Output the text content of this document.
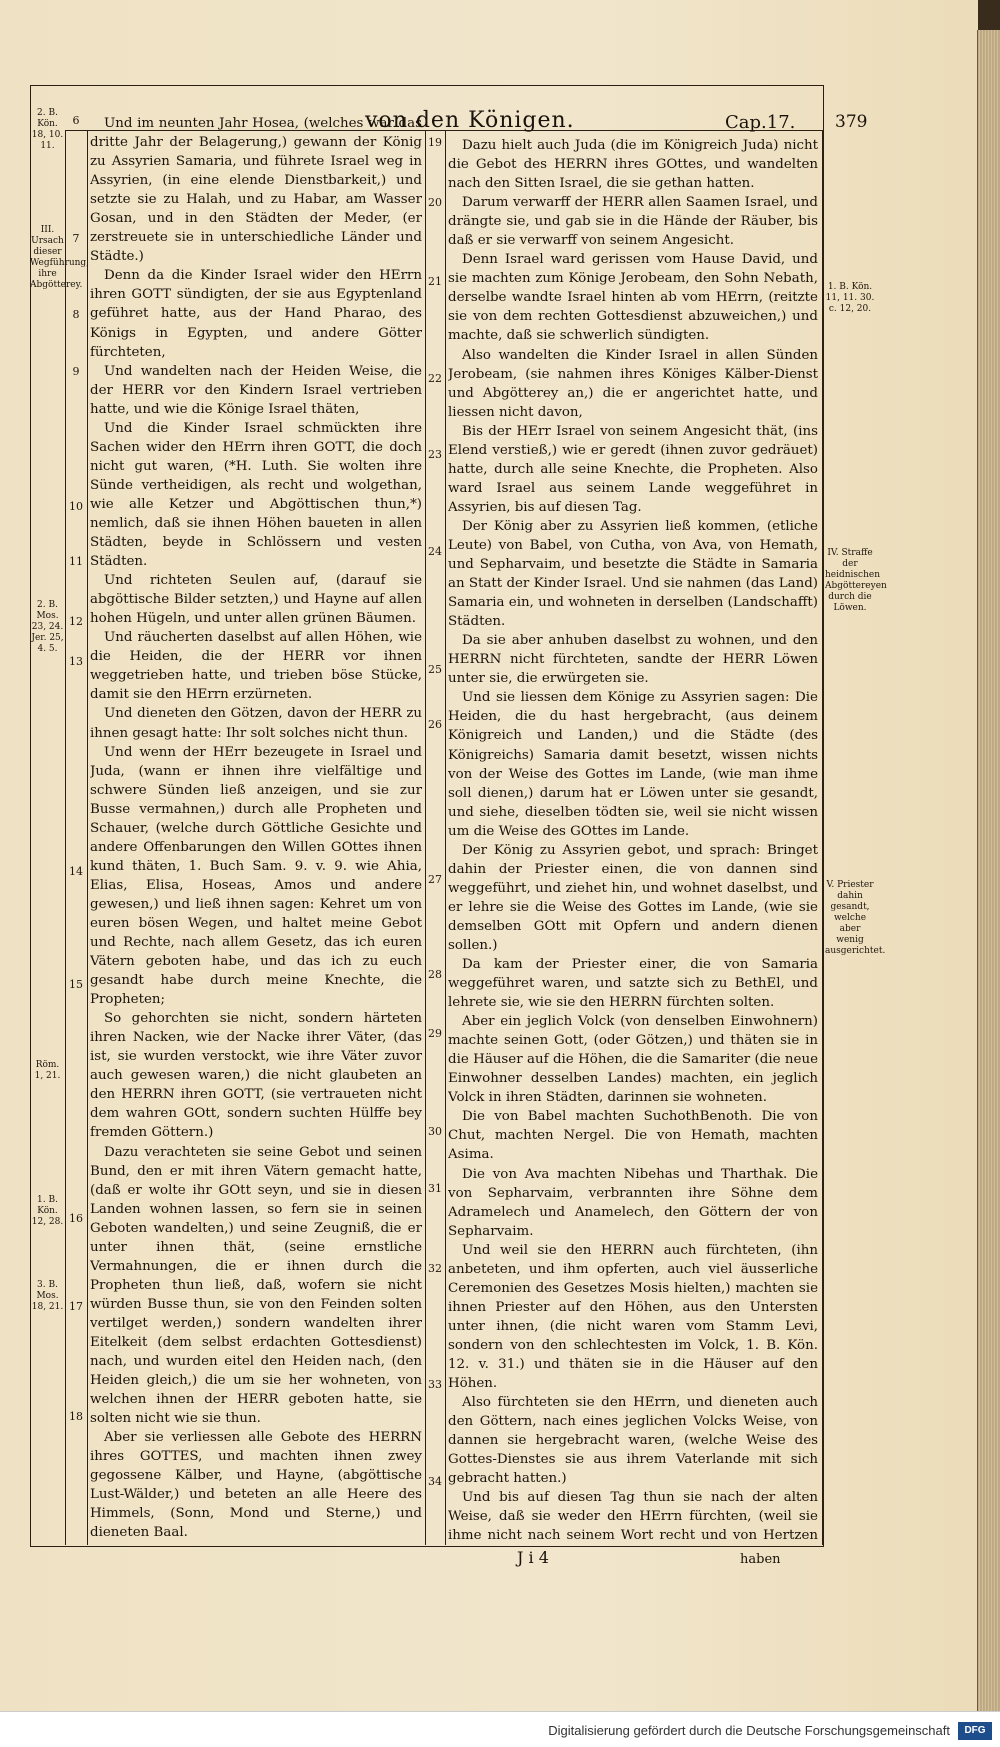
von den Königen.	Cap.17. 379
2. B. Kön. 18, 10. 11.
III. Ursach dieser Wegführung, ihre Abgötterey.
2. B. Mos. 23, 24. Jer. 25, 4. 5.
Röm. 1, 21.
1. B. Kön. 12, 28.
3. B. Mos. 18, 21.
6
7
8
9
10
11
12
13
14
15
16
17
18

Und im neunten Jahr Hosea, (welches war das dritte Jahr der Belagerung,) gewann der König zu Assyrien Samaria, und führete Israel weg in Assyrien, (in eine elende Dienstbarkeit,) und setzte sie zu Halah, und zu Habar, am Wasser Gosan, und in den Städten der Meder, (er zerstreuete sie in unterschiedliche Länder und Städte.)

Denn da die Kinder Israel wider den HErrn ihren GOTT sündigten, der sie aus Egyptenland geführet hatte, aus der Hand Pharao, des Königs in Egypten, und andere Götter fürchteten,

Und wandelten nach der Heiden Weise, die der HERR vor den Kindern Israel vertrieben hatte, und wie die Könige Israel thäten,

Und die Kinder Israel schmückten ihre Sachen wider den HErrn ihren GOTT, die doch nicht gut waren, (*H. Luth. Sie wolten ihre Sünde vertheidigen, als recht und wolgethan, wie alle Ketzer und Abgöttischen thun,*) nemlich, daß sie ihnen Höhen baueten in allen Städten, beyde in Schlössern und vesten Städten.

Und richteten Seulen auf, (darauf sie abgöttische Bilder setzten,) und Hayne auf allen hohen Hügeln, und unter allen grünen Bäumen.

Und räucherten daselbst auf allen Höhen, wie die Heiden, die der HERR vor ihnen weggetrieben hatte, und trieben böse Stücke, damit sie den HErrn erzürneten.

Und dieneten den Götzen, davon der HERR zu ihnen gesagt hatte: Ihr solt solches nicht thun.

Und wenn der HErr bezeugete in Israel und Juda, (wann er ihnen ihre vielfältige und schwere Sünden ließ anzeigen, und sie zur Busse vermahnen,) durch alle Propheten und Schauer, (welche durch Göttliche Gesichte und andere Offenbarungen den Willen GOttes ihnen kund thäten, 1. Buch Sam. 9. v. 9. wie Ahia, Elias, Elisa, Hoseas, Amos und andere gewesen,) und ließ ihnen sagen: Kehret um von euren bösen Wegen, und haltet meine Gebot und Rechte, nach allem Gesetz, das ich euren Vätern geboten habe, und das ich zu euch gesandt habe durch meine Knechte, die Propheten;

So gehorchten sie nicht, sondern härteten ihren Nacken, wie der Nacke ihrer Väter, (das ist, sie wurden verstockt, wie ihre Väter zuvor auch gewesen waren,) die nicht glaubeten an den HERRN ihren GOTT, (sie vertraueten nicht dem wahren GOtt, sondern suchten Hülffe bey fremden Göttern.)

Dazu verachteten sie seine Gebot und seinen Bund, den er mit ihren Vätern gemacht hatte, (daß er wolte ihr GOtt seyn, und sie in diesen Landen wohnen lassen, so fern sie in seinen Geboten wandelten,) und seine Zeugniß, die er unter ihnen thät, (seine ernstliche Vermahnungen, die er ihnen durch die Propheten thun ließ, daß, wofern sie nicht würden Busse thun, sie von den Feinden solten vertilget werden,) sondern wandelten ihrer Eitelkeit (dem selbst erdachten Gottesdienst) nach, und wurden eitel den Heiden nach, (den Heiden gleich,) die um sie her wohneten, von welchen ihnen der HERR geboten hatte, sie solten nicht wie sie thun.

Aber sie verliessen alle Gebote des HERRN ihres GOTTES, und machten ihnen zwey gegossene Kälber, und Hayne, (abgöttische Lust-Wälder,) und beteten an alle Heere des Himmels, (Sonn, Mond und Sterne,) und dieneten Baal.

19
20
21
22
23
24
25
26
27
28
29
30
31
32
33
34

Dazu hielt auch Juda (die im Königreich Juda) nicht die Gebot des HERRN ihres GOttes, und wandelten nach den Sitten Israel, die sie gethan hatten.

Darum verwarff der HERR allen Saamen Israel, und drängte sie, und gab sie in die Hände der Räuber, bis daß er sie verwarff von seinem Angesicht.

Denn Israel ward gerissen vom Hause David, und sie machten zum Könige Jerobeam, den Sohn Nebath, derselbe wandte Israel hinten ab vom HErrn, (reitzte sie von dem rechten Gottesdienst abzuweichen,) und machte, daß sie schwerlich sündigten.

Also wandelten die Kinder Israel in allen Sünden Jerobeam, (sie nahmen ihres Königes Kälber-Dienst und Abgötterey an,) die er angerichtet hatte, und liessen nicht davon,

Bis der HErr Israel von seinem Angesicht thät, (ins Elend verstieß,) wie er geredt (ihnen zuvor gedräuet) hatte, durch alle seine Knechte, die Propheten. Also ward Israel aus seinem Lande weggeführet in Assyrien, bis auf diesen Tag.

Der König aber zu Assyrien ließ kommen, (etliche Leute) von Babel, von Cutha, von Ava, von Hemath, und Sepharvaim, und besetzte die Städte in Samaria an Statt der Kinder Israel. Und sie nahmen (das Land) Samaria ein, und wohneten in derselben (Landschafft) Städten.

Da sie aber anhuben daselbst zu wohnen, und den HERRN nicht fürchteten, sandte der HERR Löwen unter sie, die erwürgeten sie.

Und sie liessen dem Könige zu Assyrien sagen: Die Heiden, die du hast hergebracht, (aus deinem Königreich und Landen,) und die Städte (des Königreichs) Samaria damit besetzt, wissen nichts von der Weise des Gottes im Lande, (wie man ihme soll dienen,) darum hat er Löwen unter sie gesandt, und siehe, dieselben tödten sie, weil sie nicht wissen um die Weise des GOttes im Lande.

Der König zu Assyrien gebot, und sprach: Bringet dahin der Priester einen, die von dannen sind weggeführt, und ziehet hin, und wohnet daselbst, und er lehre sie die Weise des Gottes im Lande, (wie sie demselben GOtt mit Opfern und andern dienen sollen.)

Da kam der Priester einer, die von Samaria weggeführet waren, und satzte sich zu BethEl, und lehrete sie, wie sie den HERRN fürchten solten.

Aber ein jeglich Volck (von denselben Einwohnern) machte seinen Gott, (oder Götzen,) und thäten sie in die Häuser auf die Höhen, die die Samariter (die neue Einwohner desselben Landes) machten, ein jeglich Volck in ihren Städten, darinnen sie wohneten.

Die von Babel machten SuchothBenoth. Die von Chut, machten Nergel. Die von Hemath, machten Asima.

Die von Ava machten Nibehas und Tharthak. Die von Sepharvaim, verbrannten ihre Söhne dem Adramelech und Anamelech, den Göttern der von Sepharvaim.

Und weil sie den HERRN auch fürchteten, (ihn anbeteten, und ihm opferten, auch viel äusserliche Ceremonien des Gesetzes Mosis hielten,) machten sie ihnen Priester auf den Höhen, aus den Untersten unter ihnen, (die nicht waren vom Stamm Levi, sondern von den schlechtesten im Volck, 1. B. Kön. 12. v. 31.) und thäten sie in die Häuser auf den Höhen.

Also fürchteten sie den HErrn, und dieneten auch den Göttern, nach eines jeglichen Volcks Weise, von dannen sie hergebracht waren, (welche Weise des Gottes-Dienstes sie aus ihrem Vaterlande mit sich gebracht hatten.)

Und bis auf diesen Tag thun sie nach der alten Weise, daß sie weder den HErrn fürchten, (weil sie ihme nicht nach seinem Wort recht und von Hertzen

1. B. Kön. 11, 11. 30. c. 12, 20.
IV. Straffe der heidnischen Abgöttereyen durch die Löwen.
V. Priester dahin gesandt, welche aber wenig ausgerichtet.
J i 4	haben
Digitalisierung gefördert durch die Deutsche Forschungsgemeinschaft	DFG
